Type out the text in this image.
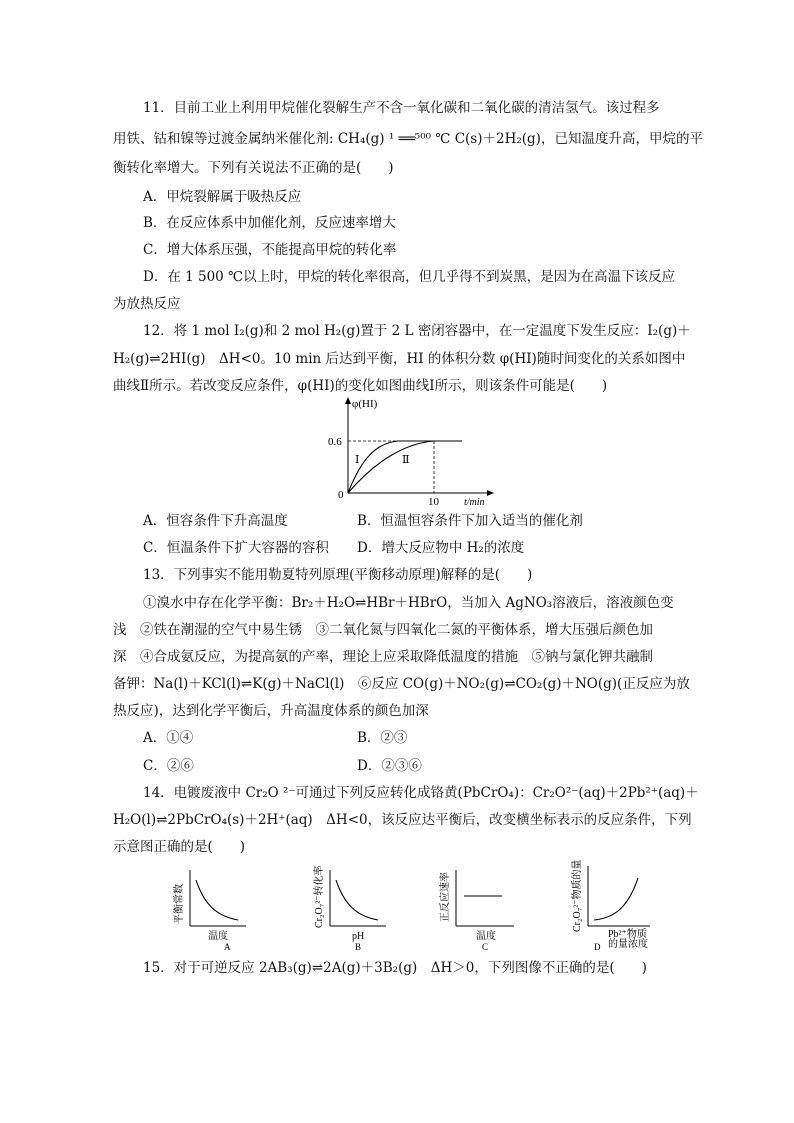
11．目前工业上利用甲烷催化裂解生产不含一氧化碳和二氧化碳的清洁氢气。该过程多
用铁、钴和镍等过渡金属纳米催化剂: CH₄(g) ¹ ══⁵⁰⁰ ℃ C(s)＋2H₂(g)，已知温度升高，甲烷的平
衡转化率增大。下列有关说法不正确的是(　　)
A．甲烷裂解属于吸热反应
B．在反应体系中加催化剂，反应速率增大
C．增大体系压强，不能提高甲烷的转化率
D．在 1 500 ℃以上时，甲烷的转化率很高，但几乎得不到炭黑，是因为在高温下该反应
为放热反应
12．将 1 mol I₂(g)和 2 mol H₂(g)置于 2 L 密闭容器中，在一定温度下发生反应：I₂(g)＋
H₂(g)⇌2HI(g)　ΔH<0。10 min 后达到平衡，HI 的体积分数 φ(HI)随时间变化的关系如图中
曲线Ⅱ所示。若改变反应条件，φ(HI)的变化如图曲线Ⅰ所示，则该条件可能是(　　)
φ(HI)
0.6
0
10	t/min
Ⅰ	Ⅱ
A．恒容条件下升高温度	B．恒温恒容条件下加入适当的催化剂
C．恒温条件下扩大容器的容积 D．增大反应物中 H₂的浓度
13．下列事实不能用勒夏特列原理(平衡移动原理)解释的是(　　)
①溴水中存在化学平衡：Br₂＋H₂O⇌HBr＋HBrO，当加入 AgNO₃溶液后，溶液颜色变
浅　②铁在潮湿的空气中易生锈　③二氧化氮与四氧化二氮的平衡体系，增大压强后颜色加
深　④合成氨反应，为提高氨的产率，理论上应采取降低温度的措施　⑤钠与氯化钾共融制
备钾：Na(l)＋KCl(l)⇌K(g)＋NaCl(l)　⑥反应 CO(g)＋NO₂(g)⇌CO₂(g)＋NO(g)(正反应为放
热反应)，达到化学平衡后，升高温度体系的颜色加深
A．①④	B．②③
C．②⑥	D．②③⑥
14．电镀废液中 Cr₂O ²⁻可通过下列反应转化成铬黄(PbCrO₄)：Cr₂O²⁻(aq)＋2Pb²⁺(aq)＋
H₂O(l)⇌2PbCrO₄(s)＋2H⁺(aq)　ΔH<0，该反应达平衡后，改变横坐标表示的反应条件，下列
示意图正确的是(　　)
平衡常数
温度
A
Cr₂O₇²⁻转化率
pH
B
正反应速率
温度
C
Cr₂O₇²⁻物质的量
Pb²⁺物质
的量浓度
D
15．对于可逆反应 2AB₃(g)⇌2A(g)＋3B₂(g)　ΔH＞0，下列图像不正确的是(　　)
